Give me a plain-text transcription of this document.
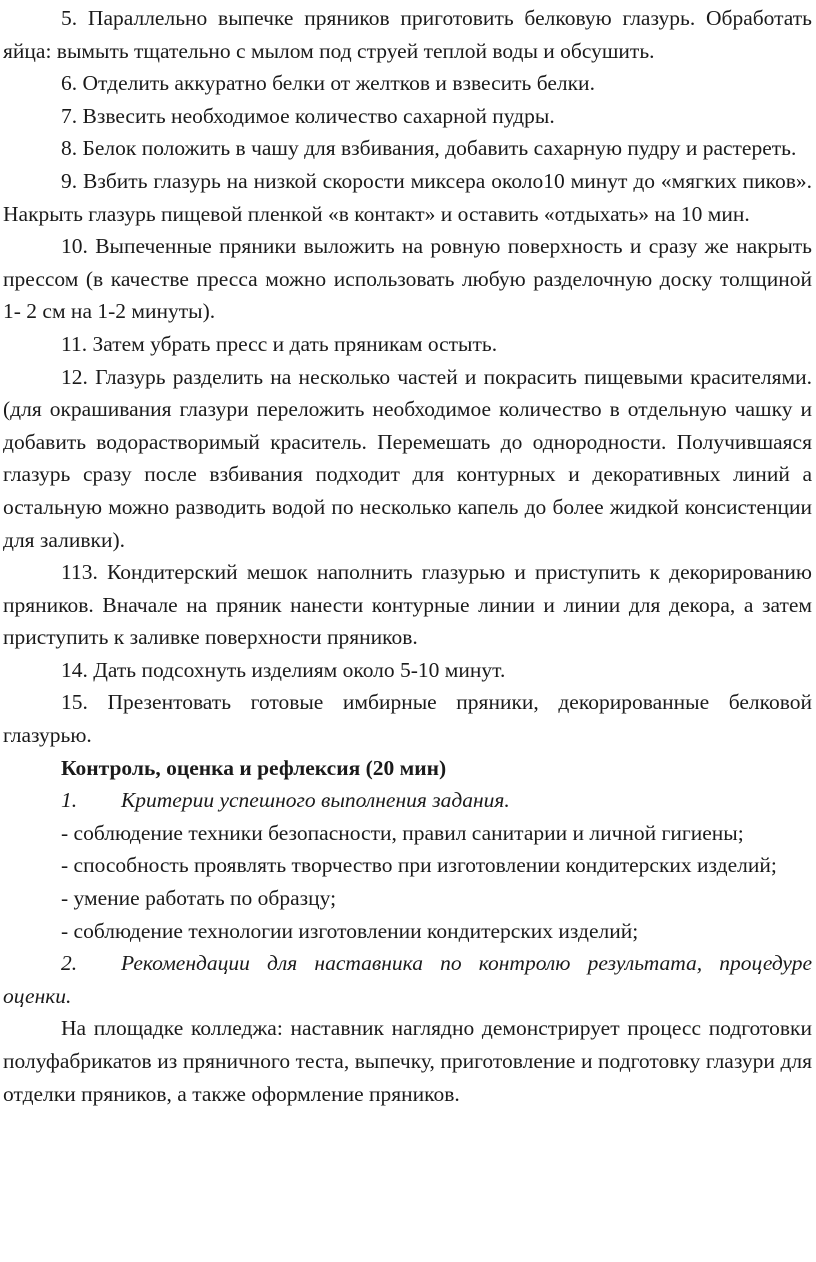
5. Параллельно выпечке пряников приготовить белковую глазурь. Обработать яйца: вымыть тщательно с мылом под струей теплой воды и обсушить.

6. Отделить аккуратно белки от желтков и взвесить белки.

7. Взвесить необходимое количество сахарной пудры.

8. Белок положить в чашу для взбивания, добавить сахарную пудру и растереть.

9. Взбить глазурь на низкой скорости миксера около10 минут до «мягких пиков». Накрыть глазурь пищевой пленкой «в контакт» и оставить «отдыхать» на 10 мин.

10. Выпеченные пряники выложить на ровную поверхность и сразу же накрыть прессом (в качестве пресса можно использовать любую разделочную доску толщиной 1- 2 см на 1-2 минуты).

11. Затем убрать пресс и дать пряникам остыть.

12. Глазурь разделить на несколько частей и покрасить пищевыми красителями. (для окрашивания глазури переложить необходимое количество в отдельную чашку и добавить водорастворимый краситель. Перемешать до однородности. Получившаяся глазурь сразу после взбивания подходит для контурных и декоративных линий а остальную можно разводить водой по несколько капель до более жидкой консистенции для заливки).

113. Кондитерский мешок наполнить глазурью и приступить к декорированию пряников. Вначале на пряник нанести контурные линии и линии для декора, а затем приступить к заливке поверхности пряников.

14. Дать подсохнуть изделиям около 5-10 минут.

15. Презентовать готовые имбирные пряники, декорированные белковой глазурью.

Контроль, оценка и рефлексия (20 мин)

1. Критерии успешного выполнения задания.

- соблюдение техники безопасности, правил санитарии и личной гигиены;

- способность проявлять творчество при изготовлении кондитерских изделий;

- умение работать по образцу;

- соблюдение технологии изготовлении кондитерских изделий;

2. Рекомендации для наставника по контролю результата, процедуре оценки.

На площадке колледжа: наставник наглядно демонстрирует процесс подготовки полуфабрикатов из пряничного теста, выпечку, приготовление и подготовку глазури для отделки пряников, а также оформление пряников.
